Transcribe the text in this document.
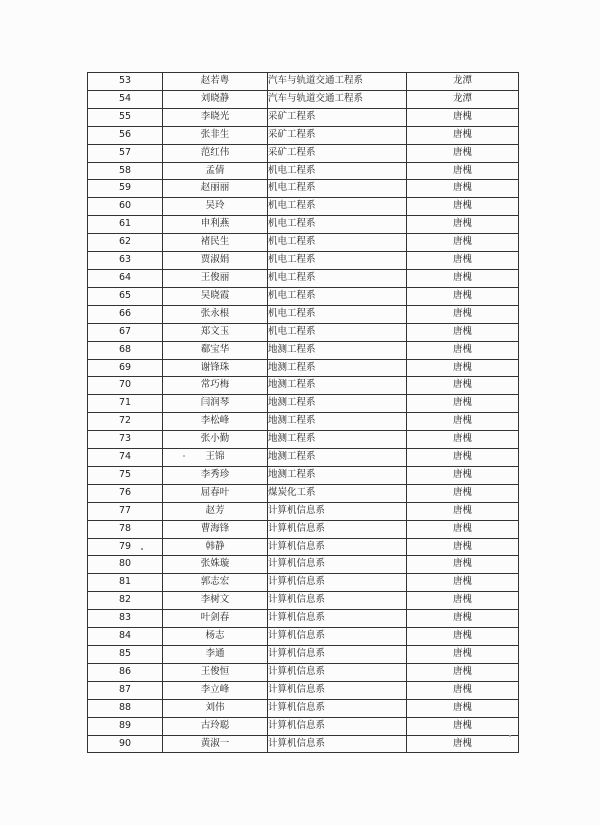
53	赵若粤	汽车与轨道交通工程系	龙潭
54	刘晓静	汽车与轨道交通工程系	龙潭
55	李晓光	采矿工程系	唐槐
56	张非生	采矿工程系	唐槐
57	范红伟	采矿工程系	唐槐
58	孟倩	机电工程系	唐槐
59	赵丽丽	机电工程系	唐槐
60	吴玲	机电工程系	唐槐
61	申利燕	机电工程系	唐槐
62	褚民生	机电工程系	唐槐
63	贾淑娟	机电工程系	唐槐
64	王俊丽	机电工程系	唐槐
65	吴晓霞	机电工程系	唐槐
66	张永根	机电工程系	唐槐
67	郑文玉	机电工程系	唐槐
68	郗宝华	地测工程系	唐槐
69	谢锋珠	地测工程系	唐槐
70	常巧梅	地测工程系	唐槐
71	闫润琴	地测工程系	唐槐
72	李松峰	地测工程系	唐槐
73	张小勤	地测工程系	唐槐
74	王锦	地测工程系	唐槐
75	李秀珍	地测工程系	唐槐
76	屈春叶	煤炭化工系	唐槐
77	赵芳	计算机信息系	唐槐
78	曹海锋	计算机信息系	唐槐
79	韩静	计算机信息系	唐槐
80	张姝璇	计算机信息系	唐槐
81	郭志宏	计算机信息系	唐槐
82	李树文	计算机信息系	唐槐
83	叶剑春	计算机信息系	唐槐
84	杨志	计算机信息系	唐槐
85	李通	计算机信息系	唐槐
86	王俊恒	计算机信息系	唐槐
87	李立峰	计算机信息系	唐槐
88	刘伟	计算机信息系	唐槐
89	古玲聪	计算机信息系	唐槐
90	黄淑一	计算机信息系	唐槐
